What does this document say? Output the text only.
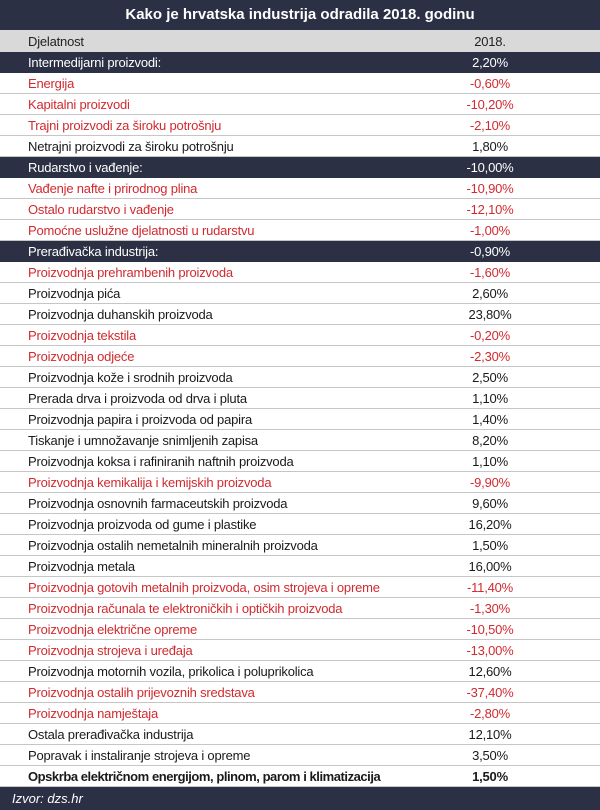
Kako je hrvatska industrija odradila 2018. godinu
Djelatnost	2018.
Intermedijarni proizvodi:	2,20%
Energija	-0,60%
Kapitalni proizvodi	-10,20%
Trajni proizvodi za široku potrošnju	-2,10%
Netrajni proizvodi za široku potrošnju	1,80%
Rudarstvo i vađenje:	-10,00%
Vađenje nafte i prirodnog plina	-10,90%
Ostalo rudarstvo i vađenje	-12,10%
Pomoćne uslužne djelatnosti u rudarstvu	-1,00%
Prerađivačka industrija:	-0,90%
Proizvodnja prehrambenih proizvoda	-1,60%
Proizvodnja pića	2,60%
Proizvodnja duhanskih proizvoda	23,80%
Proizvodnja tekstila	-0,20%
Proizvodnja odjeće	-2,30%
Proizvodnja kože i srodnih proizvoda	2,50%
Prerada drva i proizvoda od drva i pluta	1,10%
Proizvodnja papira i proizvoda od papira	1,40%
Tiskanje i umnožavanje snimljenih zapisa	8,20%
Proizvodnja koksa i rafiniranih naftnih proizvoda	1,10%
Proizvodnja kemikalija i kemijskih proizvoda	-9,90%
Proizvodnja osnovnih farmaceutskih proizvoda	9,60%
Proizvodnja proizvoda od gume i plastike	16,20%
Proizvodnja ostalih nemetalnih mineralnih proizvoda	1,50%
Proizvodnja metala	16,00%
Proizvodnja gotovih metalnih proizvoda, osim strojeva i opreme	-11,40%
Proizvodnja računala te elektroničkih i optičkih proizvoda	-1,30%
Proizvodnja električne opreme	-10,50%
Proizvodnja strojeva i uređaja	-13,00%
Proizvodnja motornih vozila, prikolica i poluprikolica	12,60%
Proizvodnja ostalih prijevoznih sredstava	-37,40%
Proizvodnja namještaja	-2,80%
Ostala prerađivačka industrija	12,10%
Popravak i instaliranje strojeva i opreme	3,50%
Opskrba električnom energijom, plinom, parom i klimatizacija	1,50%
Izvor: dzs.hr
